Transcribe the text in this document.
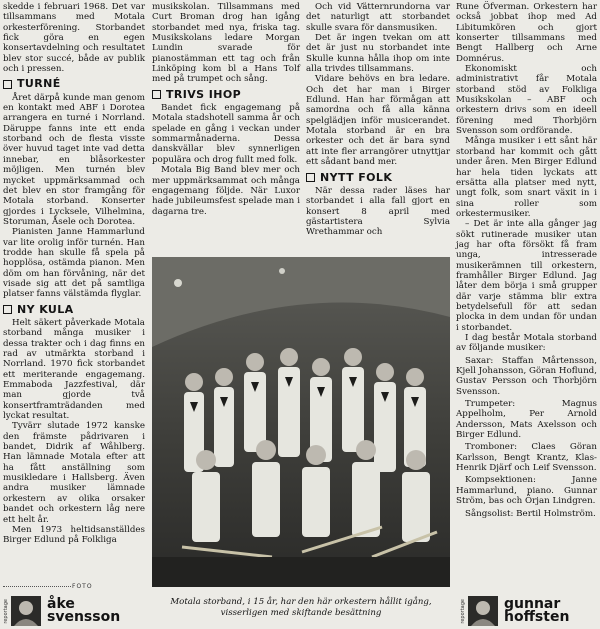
skedde i februari 1968. Det var tillsammans med Motala orkesterförening. Storbandet fick göra en egen konsertavdelning och resultatet blev stor succé, både av publik och i pressen.

TURNÉ

Året därpå kunde man genom en kontakt med ABF i Dorotea arrangera en turné i Norrland. Däruppe fanns inte ett enda storband och de flesta visste över huvud taget inte vad detta innebar, en blåsorkester möjligen. Men turnén blev mycket uppmärksammad och det blev en stor framgång för Motala storband. Konserter gjordes i Lycksele, Vilhelmina, Storuman, Åsele och Dorotea.

Pianisten Janne Hammarlund var lite orolig inför turnén. Han trodde han skulle få spela på hopplösa, ostämda pianon. Men döm om han förvåning, när det visade sig att det på samtliga platser fanns välstämda flyglar.

NY KULA

Helt säkert påverkade Motala storband många musiker i dessa trakter och i dag finns en rad av utmärkta storband i Norrland. 1970 fick storbandet ett meriterande engagemang. Emmaboda Jazzfestival, där man gjorde två konsertframträdanden med lyckat resultat.

Tyvärr slutade 1972 kanske den främste pådrivaren i bandet, Didrik af Wåhlberg. Han lämnade Motala efter att ha fått anställning som musikledare i Hallsberg. Även andra musiker lämnade orkestern av olika orsaker bandet och orkestern låg nere ett helt år.

Men 1973 heltidsanställdes Birger Edlund på Folkliga

musikskolan. Tillsammans med Curt Broman drog han igång storbandet med nya, friska tag. Musikskolans ledare Morgan Lundin svarade för pianostämman ett tag och från Linköping kom bl a Hans Tolf med på trumpet och sång.

TRIVS IHOP

Bandet fick engagemang på Motala stadshotell samma år och spelade en gång i veckan under sommarmånaderna. Dessa danskvällar blev synnerligen populära och drog fullt med folk.

Motala Big Band blev mer och mer uppmärksammat och många engagemang följde. När Luxor hade jubileumsfest spelade man i dagarna tre.

Och vid Vätternrundorna var det naturligt att storbandet skulle svara för dansmusiken.

Det är ingen tvekan om att det är just nu storbandet inte Skulle kunna hålla ihop om inte alla trivdes tillsammans.

Vidare behövs en bra ledare. Och det har man i Birger Edlund. Han har förmågan att samordna och få alla känna spelglädjen inför musicerandet. Motala storband är en bra orkester och det är bara synd att inte fler arrangörer utnyttjar ett sådant band mer.

NYTT FOLK

När dessa rader läses har storbandet i alla fall gjort en konsert 8 april med gästartistera Sylvia Wrethammar och

Rune Öfverman. Orkestern har också jobbat ihop med Ad Libitumkören och gjort konserter tillsammans med Bengt Hallberg och Arne Domnérus.

Ekonomiskt och administrativt får Motala storband stöd av Folkliga Musikskolan – ABF och orkestern drivs som en ideell förening med Thorbjörn Svensson som ordförande.

Många musiker i ett sånt här storband har kommit och gått under åren. Men Birger Edlund har hela tiden lyckats att ersätta alla platser med nytt, ungt folk, som snart växit in i sina roller som orkestermusiker.

– Det är inte alla gånger jag sökt rutinerade musiker utan jag har ofta försökt få fram unga, intresserade musikerämnen till orkestern, framhåller Birger Edlund. Jag låter dem börja i små grupper där varje stämma blir extra betydelsefull för att sedan plocka in dem undan för undan i storbandet.

I dag består Motala storband av följande musiker:

Saxar: Staffan Mårtensson, Kjell Johansson, Göran Hoflund, Gustav Persson och Thorbjörn Svensson.

Trumpeter: Magnus Appelholm, Per Arnold Andersson, Mats Axelsson och Birger Edlund.

Tromboner: Claes Göran Karlsson, Bengt Krantz, Klas-Henrik Djärf och Leif Svensson.

Kompsektionen: Janne Hammarlund, piano. Gunnar Ström, bas och Örjan Lindgren.

Sångsolist: Bertil Holmström.

Motala storband, i 15 år, har den här orkestern hållit igång,
visserligen med skiftande besättning
FOTO
reportage	åke
svensson	reportage	gunnar
hoffsten
